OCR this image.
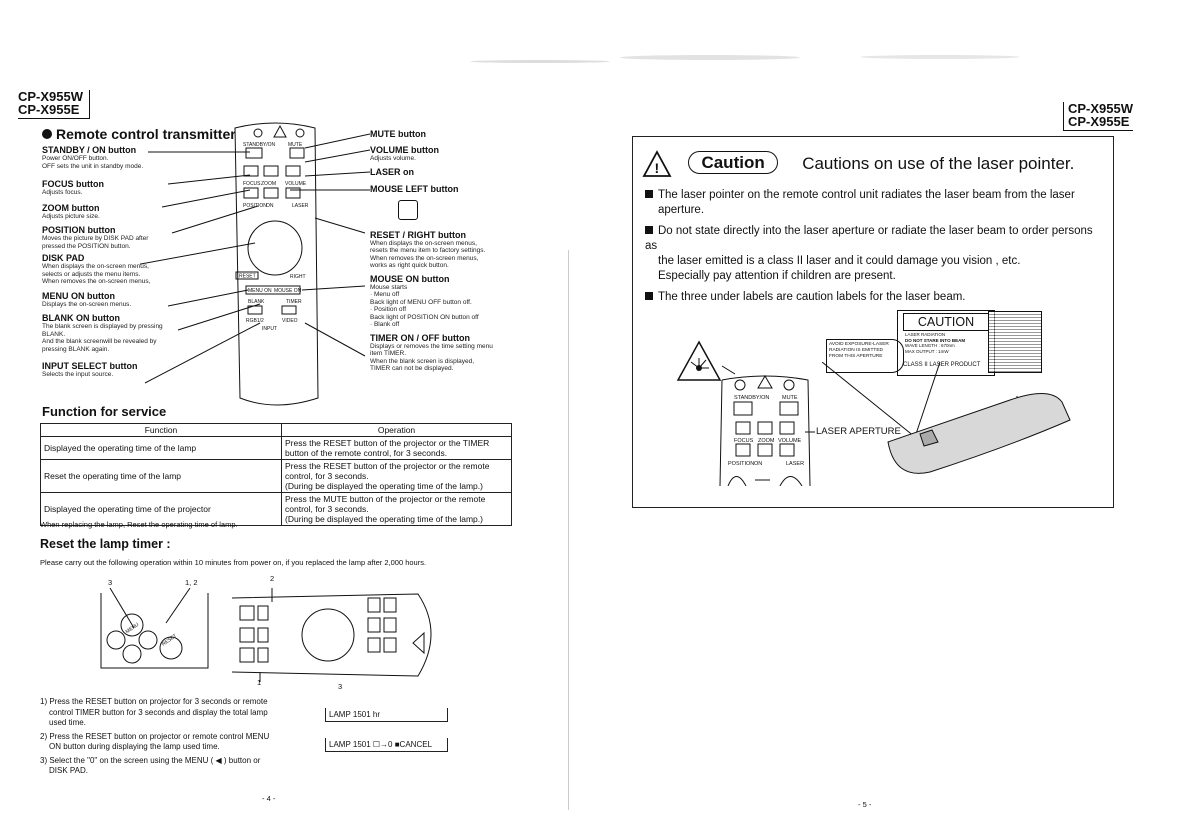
CP-X955W
CP-X955E
Remote control transmitter
STANDBY / ON button
Power ON/OFF button.
OFF sets the unit in standby mode.
FOCUS button
Adjusts focus.
ZOOM button
Adjusts picture size.
POSITION button
Moves the picture by DISK PAD after
pressed the POSITION button.
DISK PAD
When displays the on-screen menus,
selects or adjusts the menu items.
When removes the on-screen menus,
MENU ON button
Displays the on-screen menus.
BLANK ON button
The blank screen is displayed by pressing
BLANK.
And the blank screenwill be revealed by
pressing BLANK again.
INPUT SELECT button
Selects the input source.
STANDBY/ON	MUTE
FOCUS ZOOM VOLUME
POSITION ON	LASER
RESET	RIGHT
MENU ON MOUSE ON
BLANK	TIMER
RGB1/2	VIDEO
INPUT
MUTE button
VOLUME button
Adjusts volume.
LASER on
MOUSE LEFT button
RESET / RIGHT button
When displays the on-screen menus,
resets the menu item to factory settings.
When removes the on-screen menus,
works as right quick button.
MOUSE ON button
Mouse starts
· Menu off
Back light of MENU OFF button off.
· Position off
Back light of POSITION ON button off
· Blank off
TIMER ON / OFF button
Displays or removes the time setting menu
item TIMER.
When the blank screen is displayed,
TIMER can not be displayed.
Function for service
Function	Operation
Displayed the operating time of the lamp	Press the RESET button of the projector or the TIMER
button of the remote control, for 3 seconds.

Reset the operating time of the lamp	Press the RESET button of the projector or the remote
control, for 3 seconds.
(During be displayed the operating time of the lamp.)

Displayed the operating time of the projector	Press the MUTE button of the projector or the remote
control, for 3 seconds.
(During be displayed the operating time of the lamp.)
When replacing the lamp, Reset the operating time of lamp.
Reset the lamp timer :
Please carry out the following operation within 10 minutes from power on, if you replaced the lamp after 2,000 hours.
3	1, 2	2
1	3
MENU
RESET
1) Press the RESET button on projector for 3 seconds or remote
control TIMER button for 3 seconds and display the total lamp
used time.
2) Press the RESET button on projector or remote control MENU
ON button during displaying the lamp used time.
3) Select the "0" on the screen using the MENU ( ◀ ) button or
DISK PAD.
LAMP 1501 hr
LAMP 1501 ☐→0 ■CANCEL
- 4 -
CP-X955W
CP-X955E
! Caution Cautions on use of the laser pointer.
The laser pointer on the remote control unit radiates the laser beam from the laser
aperture.
Do not state directly into the laser aperture or radiate the laser beam to order persons as
the laser emitted is a class II laser and it could damage you vision , etc.
Especially pay attention if children are present.
The three under labels are caution labels for the laser beam.
CAUTION
LASER RADIATION
DO NOT STARE INTO BEAM
WAVE LENGTH : 670nm
MAX OUTPUT : 1mW
AVOID EXPOSURE-LASER
RADIATION IS EMITTED
FROM THIS APERTURE
CLASS II LASER PRODUCT
STANDBY/ON MUTE
FOCUS ZOOM VOLUME
POSITION ON	LASER
LASER APERTURE
- 5 -
